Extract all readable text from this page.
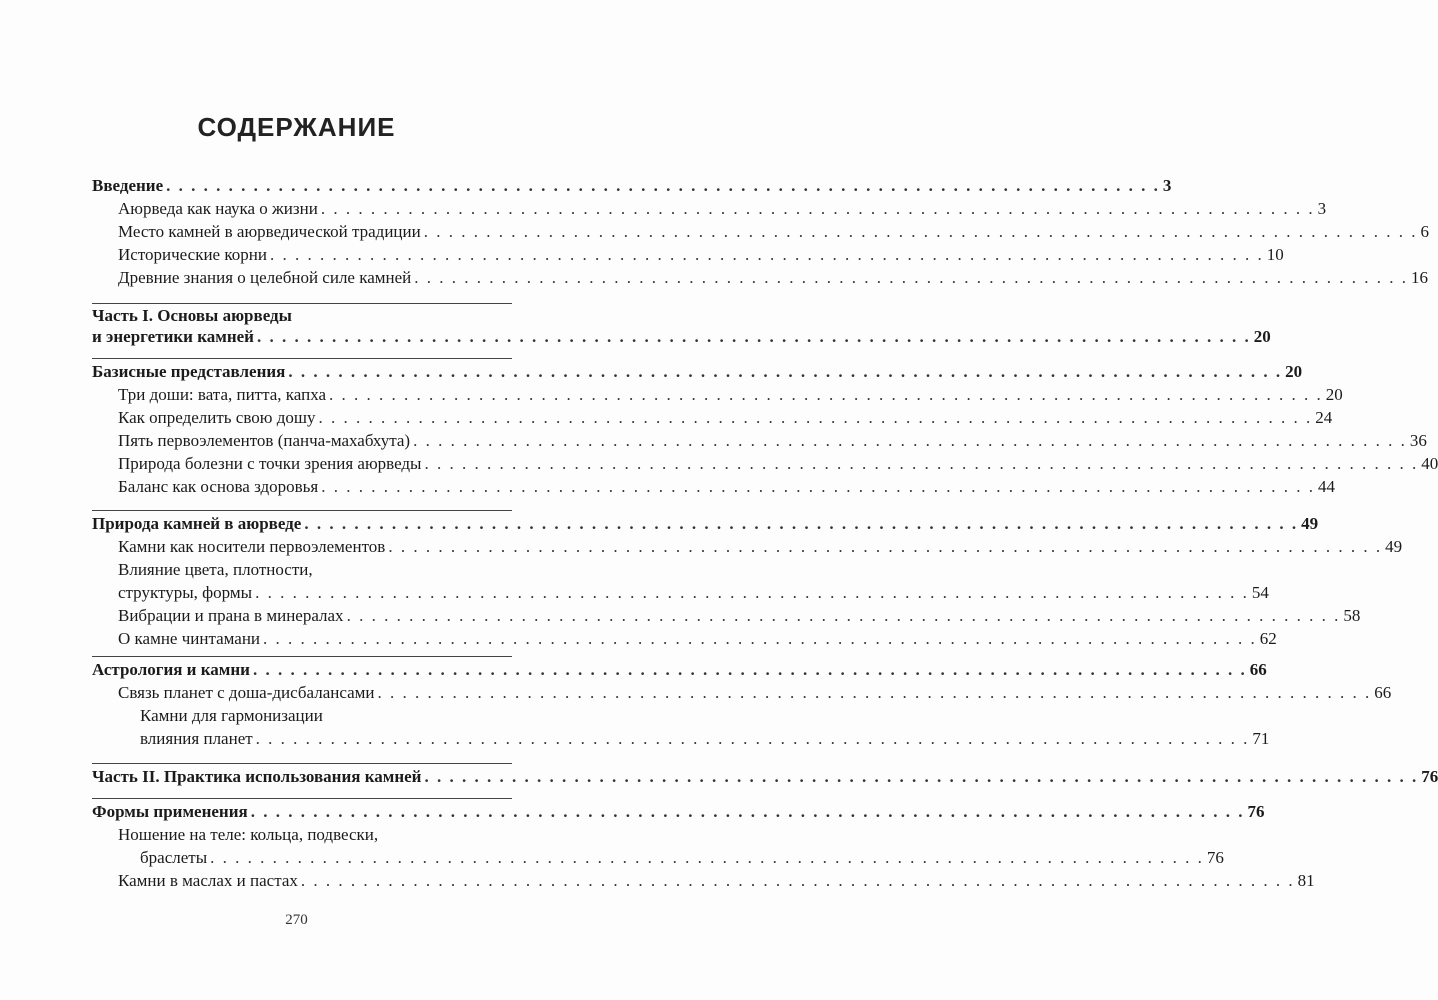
СОДЕРЖАНИЕ
Введение . . . . . . . . . . . . . . . . . . . . . . . . . . . . . . . . . . . . . . . . . . . . . . . . . . . . . . . . . . . . . . . . . . . . . . . . . . . . . . . . 3
Аюрведа как наука о жизни . . . . . . . . . . . . . . . . . . . . . . . . . . . . . . . . . . . . . . . . . . . . . . . . . . . . . . . . . . . . . . . . . . . . . . . . . . . . . . . . 3
Место камней в аюрведической традиции . . . . . . . . . . . . . . . . . . . . . . . . . . . . . . . . . . . . . . . . . . . . . . . . . . . . . . . . . . . . . . . . . . . . . . . . . . . . . . . . 6
Исторические корни . . . . . . . . . . . . . . . . . . . . . . . . . . . . . . . . . . . . . . . . . . . . . . . . . . . . . . . . . . . . . . . . . . . . . . . . . . . . . . . . 10
Древние знания о целебной силе камней . . . . . . . . . . . . . . . . . . . . . . . . . . . . . . . . . . . . . . . . . . . . . . . . . . . . . . . . . . . . . . . . . . . . . . . . . . . . . . . . 16
Часть I. Основы аюрведы
и энергетики камней . . . . . . . . . . . . . . . . . . . . . . . . . . . . . . . . . . . . . . . . . . . . . . . . . . . . . . . . . . . . . . . . . . . . . . . . . . . . . . . . 20
Базисные представления . . . . . . . . . . . . . . . . . . . . . . . . . . . . . . . . . . . . . . . . . . . . . . . . . . . . . . . . . . . . . . . . . . . . . . . . . . . . . . . . 20
Три доши: вата, питта, капха . . . . . . . . . . . . . . . . . . . . . . . . . . . . . . . . . . . . . . . . . . . . . . . . . . . . . . . . . . . . . . . . . . . . . . . . . . . . . . . . 20
Как определить свою дошу . . . . . . . . . . . . . . . . . . . . . . . . . . . . . . . . . . . . . . . . . . . . . . . . . . . . . . . . . . . . . . . . . . . . . . . . . . . . . . . . 24
Пять первоэлементов (панча-махабхута) . . . . . . . . . . . . . . . . . . . . . . . . . . . . . . . . . . . . . . . . . . . . . . . . . . . . . . . . . . . . . . . . . . . . . . . . . . . . . . . . 36
Природа болезни с точки зрения аюрведы . . . . . . . . . . . . . . . . . . . . . . . . . . . . . . . . . . . . . . . . . . . . . . . . . . . . . . . . . . . . . . . . . . . . . . . . . . . . . . . . 40
Баланс как основа здоровья . . . . . . . . . . . . . . . . . . . . . . . . . . . . . . . . . . . . . . . . . . . . . . . . . . . . . . . . . . . . . . . . . . . . . . . . . . . . . . . . 44
Природа камней в аюрведе . . . . . . . . . . . . . . . . . . . . . . . . . . . . . . . . . . . . . . . . . . . . . . . . . . . . . . . . . . . . . . . . . . . . . . . . . . . . . . . . 49
Камни как носители первоэлементов . . . . . . . . . . . . . . . . . . . . . . . . . . . . . . . . . . . . . . . . . . . . . . . . . . . . . . . . . . . . . . . . . . . . . . . . . . . . . . . . 49
Влияние цвета, плотности,
структуры, формы . . . . . . . . . . . . . . . . . . . . . . . . . . . . . . . . . . . . . . . . . . . . . . . . . . . . . . . . . . . . . . . . . . . . . . . . . . . . . . . . 54
Вибрации и прана в минералах . . . . . . . . . . . . . . . . . . . . . . . . . . . . . . . . . . . . . . . . . . . . . . . . . . . . . . . . . . . . . . . . . . . . . . . . . . . . . . . . 58
О камне чинтамани . . . . . . . . . . . . . . . . . . . . . . . . . . . . . . . . . . . . . . . . . . . . . . . . . . . . . . . . . . . . . . . . . . . . . . . . . . . . . . . . 62
Астрология и камни . . . . . . . . . . . . . . . . . . . . . . . . . . . . . . . . . . . . . . . . . . . . . . . . . . . . . . . . . . . . . . . . . . . . . . . . . . . . . . . . 66
Связь планет с доша-дисбалансами . . . . . . . . . . . . . . . . . . . . . . . . . . . . . . . . . . . . . . . . . . . . . . . . . . . . . . . . . . . . . . . . . . . . . . . . . . . . . . . . 66
Камни для гармонизации
влияния планет . . . . . . . . . . . . . . . . . . . . . . . . . . . . . . . . . . . . . . . . . . . . . . . . . . . . . . . . . . . . . . . . . . . . . . . . . . . . . . . . 71
Часть II. Практика использования камней . . . . . . . . . . . . . . . . . . . . . . . . . . . . . . . . . . . . . . . . . . . . . . . . . . . . . . . . . . . . . . . . . . . . . . . . . . . . . . . . 76
Формы применения . . . . . . . . . . . . . . . . . . . . . . . . . . . . . . . . . . . . . . . . . . . . . . . . . . . . . . . . . . . . . . . . . . . . . . . . . . . . . . . . 76
Ношение на теле: кольца, подвески,
браслеты . . . . . . . . . . . . . . . . . . . . . . . . . . . . . . . . . . . . . . . . . . . . . . . . . . . . . . . . . . . . . . . . . . . . . . . . . . . . . . . . 76
Камни в маслах и пастах . . . . . . . . . . . . . . . . . . . . . . . . . . . . . . . . . . . . . . . . . . . . . . . . . . . . . . . . . . . . . . . . . . . . . . . . . . . . . . . . 81
270
